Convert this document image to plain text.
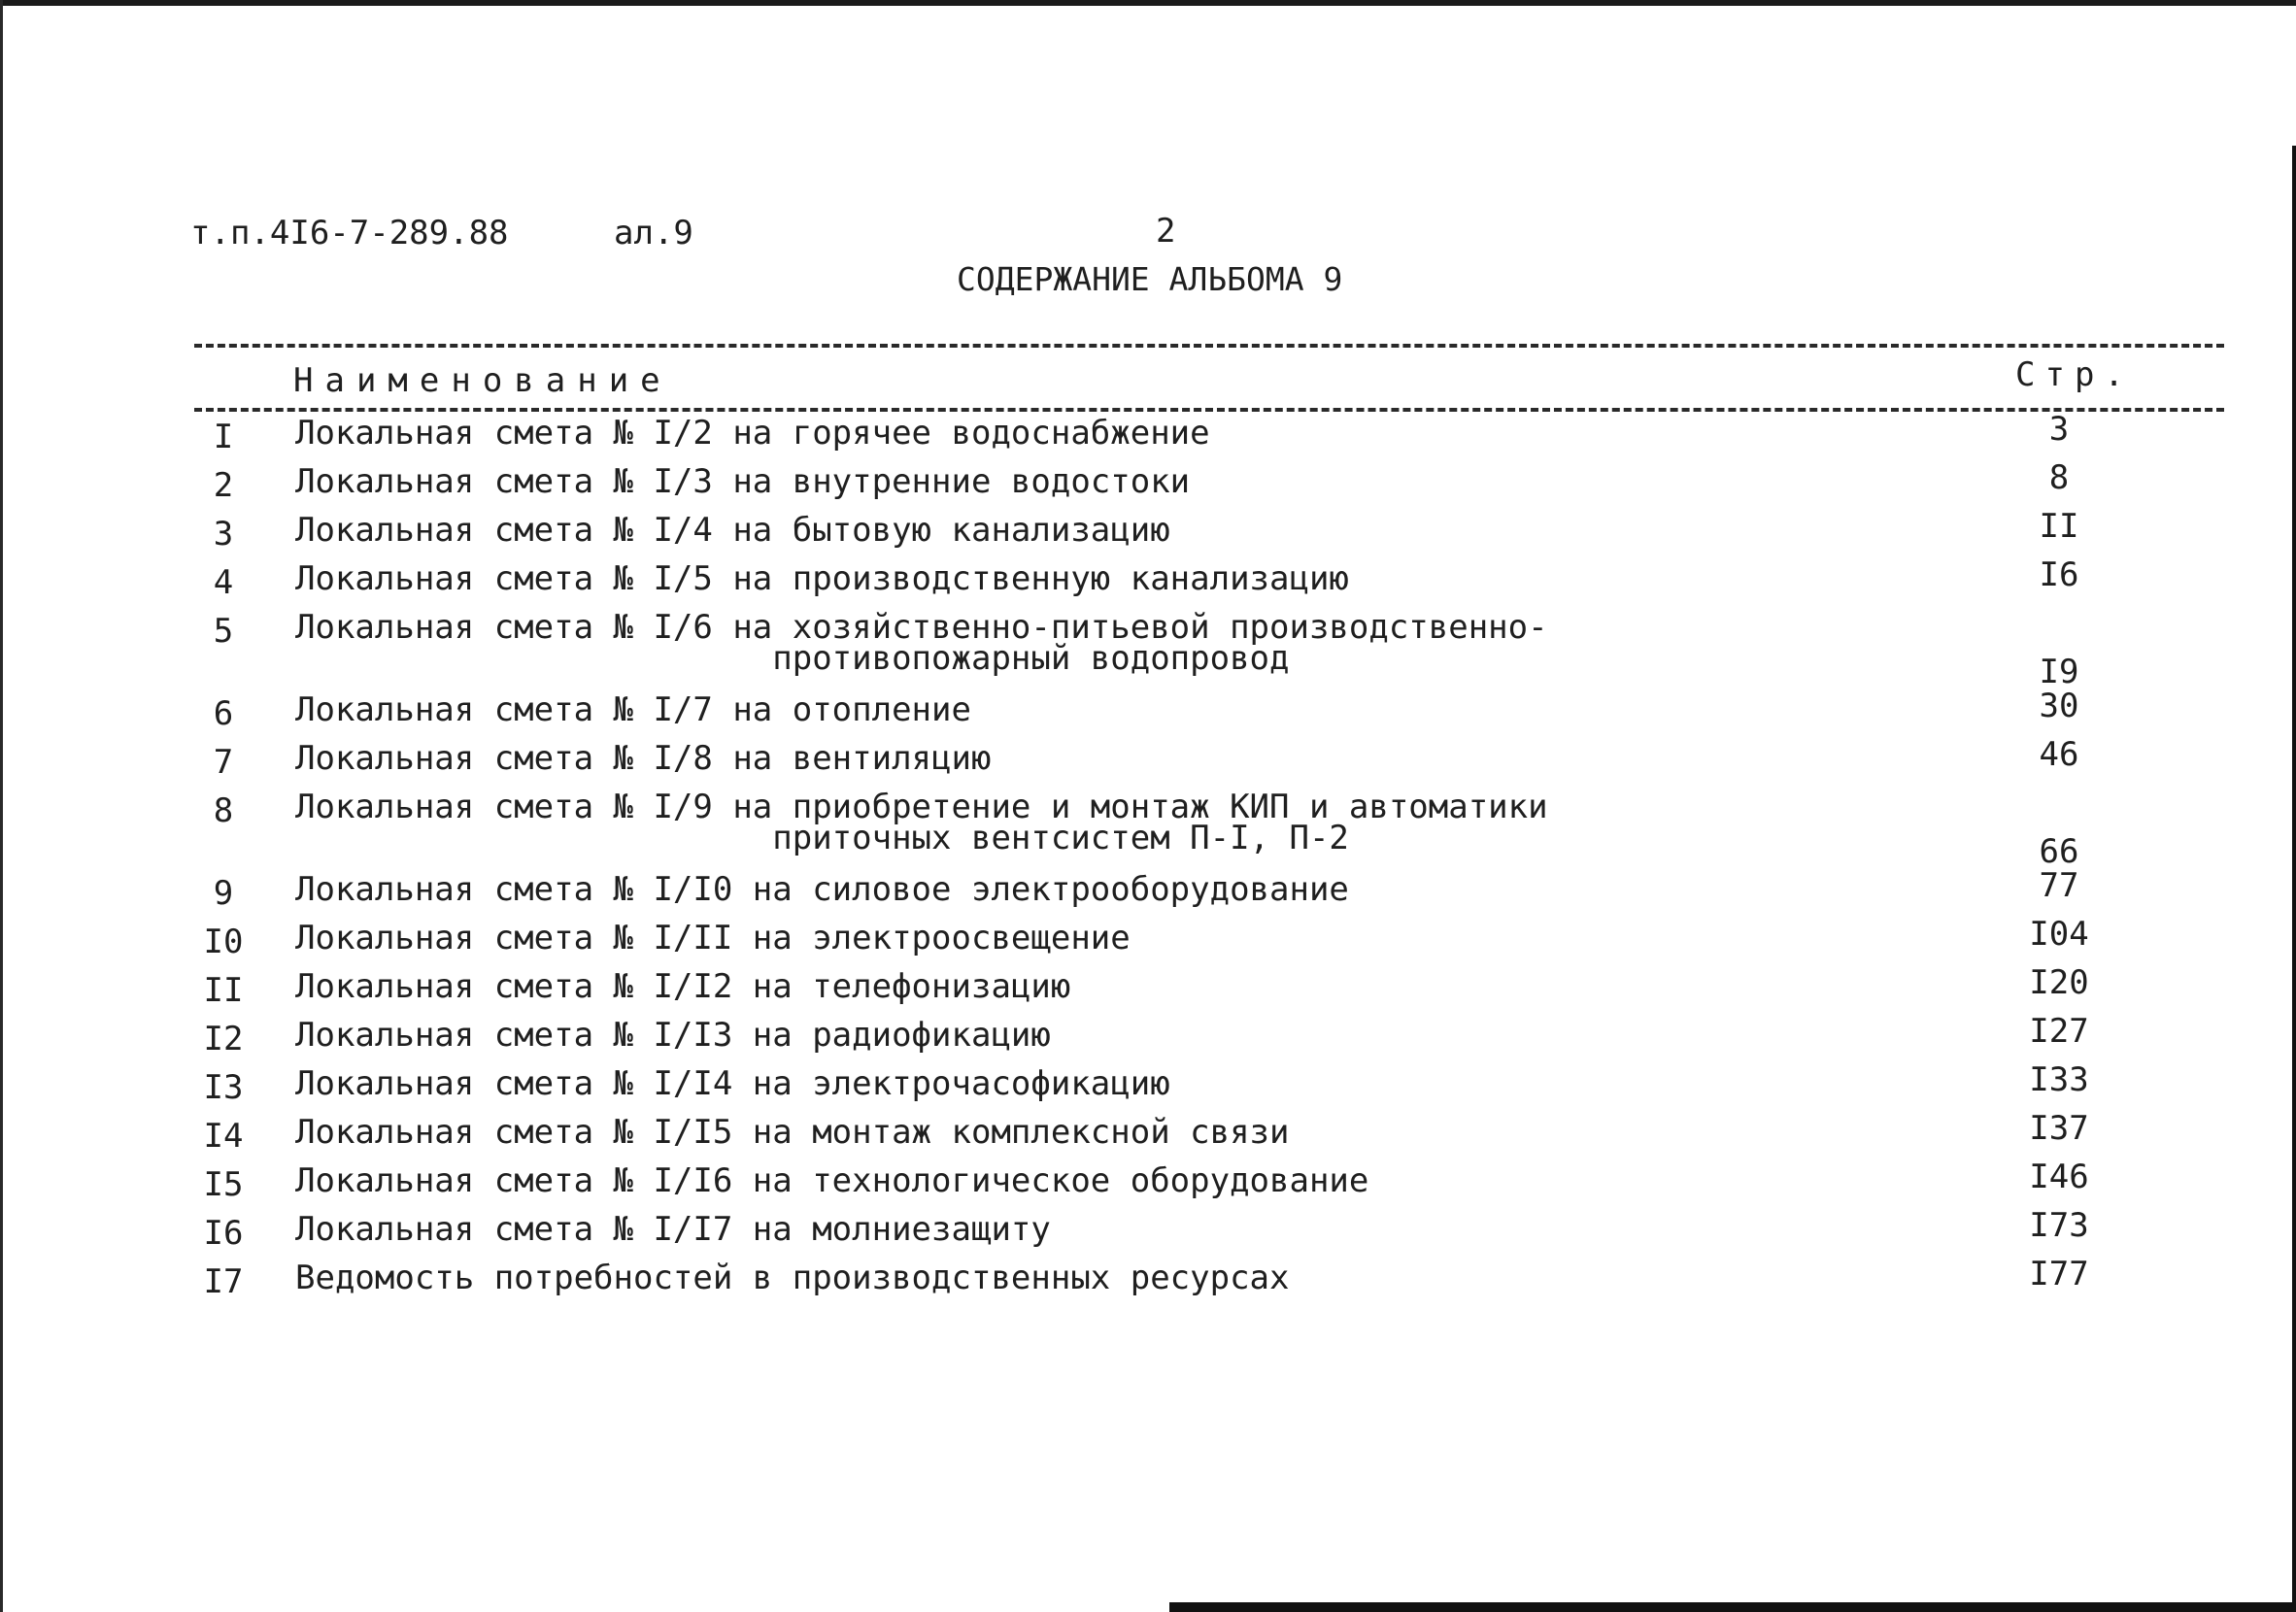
т.п.4I6-7-289.88	ал.9	2
СОДЕРЖАНИЕ АЛЬБОМА 9
Наименование	Стр.
I	Локальная смета № I/2 на горячее водоснабжение	3
2	Локальная смета № I/3 на внутренние водостоки	8
3	Локальная смета № I/4 на бытовую канализацию	II
4	Локальная смета № I/5 на производственную канализацию	I6
5	Локальная смета № I/6 на хозяйственно-питьевой производственно-
противопожарный водопровод	I9
6	Локальная смета № I/7 на отопление	30
7	Локальная смета № I/8 на вентиляцию	46
8	Локальная смета № I/9 на приобретение и монтаж КИП и автоматики
приточных вентсистем П-I, П-2	66
9	Локальная смета № I/I0 на силовое электрооборудование	77
I0 Локальная смета № I/II на электроосвещение	I04
II Локальная смета № I/I2 на телефонизацию	I20
I2 Локальная смета № I/I3 на радиофикацию	I27
I3 Локальная смета № I/I4 на электрочасофикацию	I33
I4 Локальная смета № I/I5 на монтаж комплексной связи	I37
I5 Локальная смета № I/I6 на технологическое оборудование	I46
I6 Локальная смета № I/I7 на молниезащиту	I73
I7 Ведомость потребностей в производственных ресурсах	I77
